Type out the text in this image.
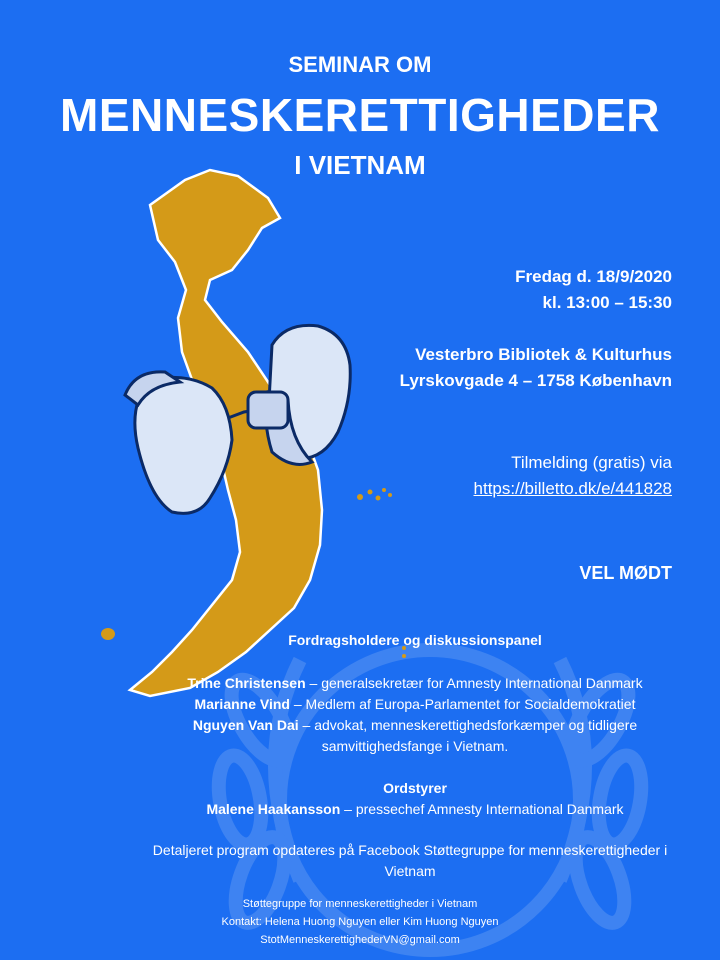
SEMINAR OM
MENNESKERETTIGHEDER
I VIETNAM
Fredag d. 18/9/2020
kl. 13:00 – 15:30
Vesterbro Bibliotek & Kulturhus
Lyrskovgade 4 – 1758 København
Tilmelding (gratis) via
https://billetto.dk/e/441828
VEL MØDT
Fordragsholdere og diskussionspanel
Trine Christensen – generalsekretær for Amnesty International Danmark
Marianne Vind – Medlem af Europa-Parlamentet for Socialdemokratiet
Nguyen Van Dai – advokat, menneskerettighedsforkæmper og tidligere
samvittighedsfange i Vietnam.
Ordstyrer
Malene Haakansson – pressechef Amnesty International Danmark
Detaljeret program opdateres på Facebook Støttegruppe for menneskerettigheder i
Vietnam
Støttegruppe for menneskerettigheder i Vietnam
Kontakt: Helena Huong Nguyen eller Kim Huong Nguyen
StotMenneskerettighederVN@gmail.com
